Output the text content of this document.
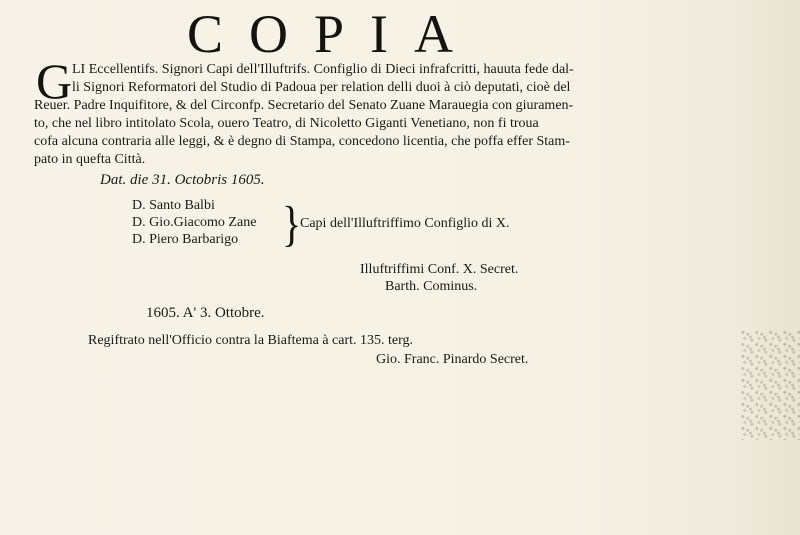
COPIA
G LI Eccellentifs. Signori Capi dell'Illuftrifs. Configlio di Dieci infrafcritti, hauuta fede dal-
li Signori Reformatori del Studio di Padoua per relation delli duoi à ciò deputati, cioè del
Reuer. Padre Inquifitore, & del Circonfp. Secretario del Senato Zuane Marauegia con giuramen-
to, che nel libro intitolato Scola, ouero Teatro, di Nicoletto Giganti Venetiano, non fi troua
cofa alcuna contraria alle leggi, & è degno di Stampa, concedono licentia, che poffa effer Stam-
pato in quefta Città.
Dat. die 31. Octobris 1605.
D. Santo Balbi
D. Gio.Giacomo Zane
D. Piero Barbarigo	}
Capi dell'Illuftriffimo Configlio di X.
Illuftriffimi Conf. X. Secret.
Barth. Cominus.
1605. A' 3. Ottobre.
Regiftrato nell'Officio contra la Biaftema à cart. 135. terg.
Gio. Franc. Pinardo Secret.
